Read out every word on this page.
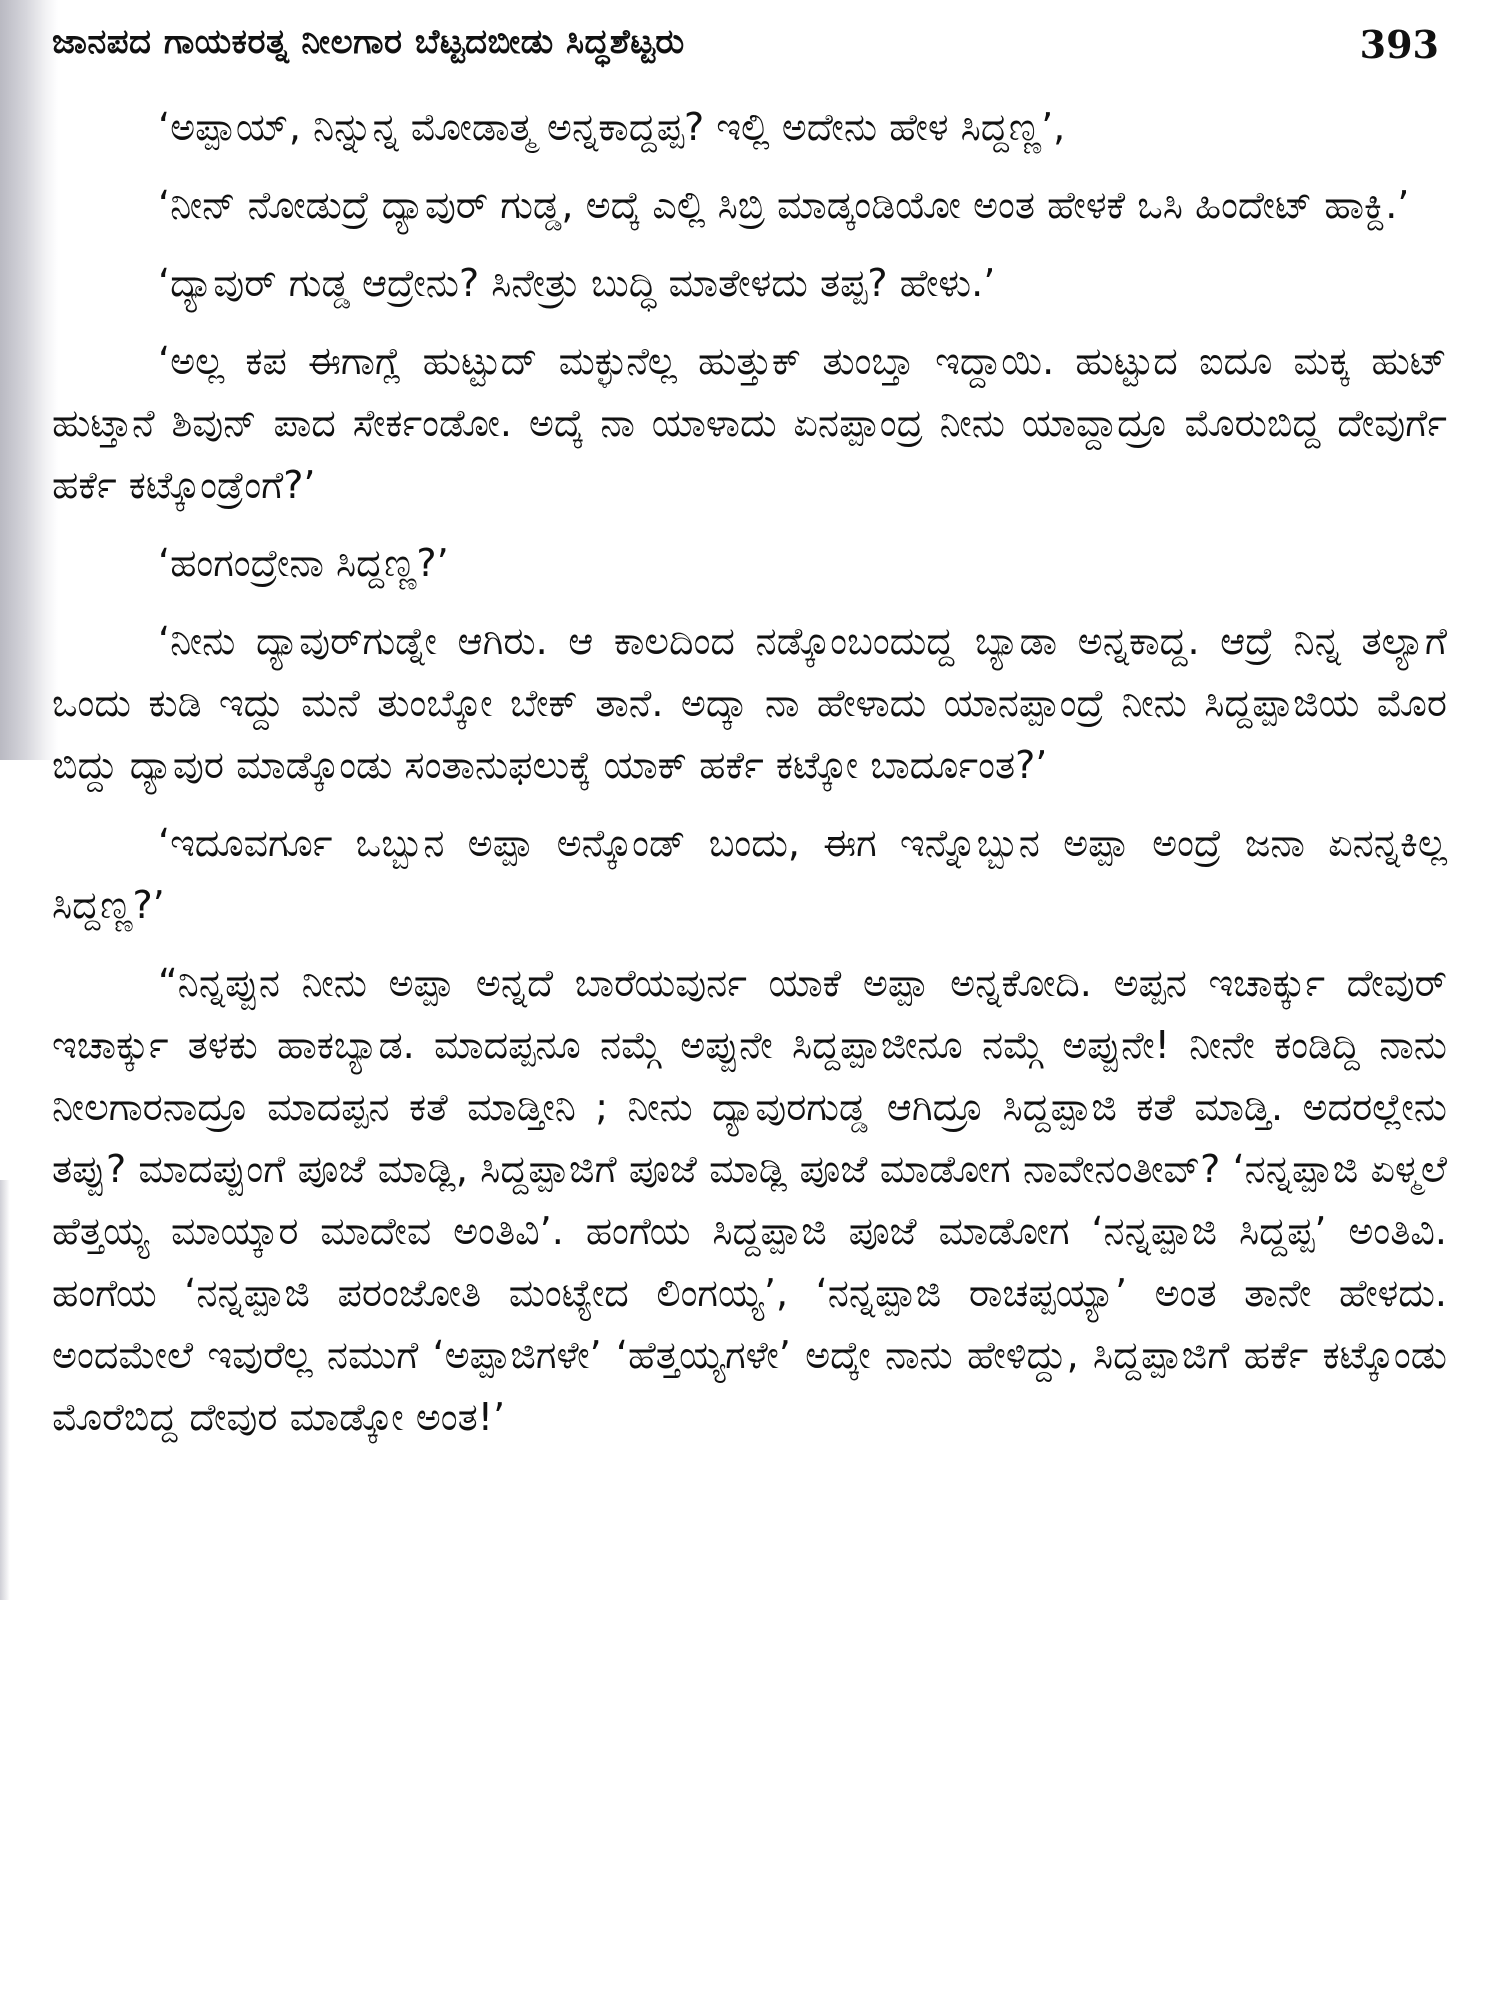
ಜಾನಪದ ಗಾಯಕರತ್ನ ನೀಲಗಾರ ಬೆಟ್ಟದಬೀಡು ಸಿದ್ಧಶೆಟ್ಟರು	393

‘ಅಪ್ಪಾಯ್, ನಿನ್ನುನ್ನ ಮೋಡಾತ್ಮ ಅನ್ನಕಾದ್ದಪ್ಪ? ಇಲ್ಲಿ ಅದೇನು ಹೇಳ ಸಿದ್ದಣ್ಣ’,

‘ನೀನ್ ನೋಡುದ್ರೆ ದ್ಯಾವುರ್ ಗುಡ್ಡ, ಅದ್ಕೆ ಎಲ್ಲಿ ಸಿಬ್ರಿ ಮಾಡ್ಕಂಡಿಯೋ ಅಂತ ಹೇಳಕೆ ಒಸಿ ಹಿಂದೇಟ್ ಹಾಕ್ದಿ.’

‘ದ್ಯಾವುರ್ ಗುಡ್ಡ ಆದ್ರೇನು? ಸಿನೇತ್ರು ಬುದ್ಧಿ ಮಾತೇಳದು ತಪ್ಪ? ಹೇಳು.’

‘ಅಲ್ಲ ಕಪ ಈಗಾಗ್ಲೆ ಹುಟ್ಟುದ್ ಮಕ್ಳುನೆಲ್ಲ ಹುತ್ತುಕ್ ತುಂಬ್ತಾ ಇದ್ದಾಯಿ. ಹುಟ್ಟುದ ಐದೂ ಮಕ್ಕ ಹುಟ್ ಹುಟ್ತಾನೆ ಶಿವುನ್ ಪಾದ ಸೇರ್ಕಂಡೋ. ಅದ್ಕೆ ನಾ ಯಾಳಾದು ಏನಪ್ಪಾಂದ್ರ ನೀನು ಯಾವ್ದಾದ್ರೂ ಮೊರುಬಿದ್ದ ದೇವುರ್ಗೆ ಹರ್ಕೆ ಕಟ್ಕೊಂಡ್ರೆಂಗೆ?’

‘ಹಂಗಂದ್ರೇನಾ ಸಿದ್ದಣ್ಣ?’

‘ನೀನು ದ್ಯಾವುರ್‌ಗುಡ್ನೇ ಆಗಿರು. ಆ ಕಾಲದಿಂದ ನಡ್ಕೊಂಬಂದುದ್ದ ಬ್ಯಾಡಾ ಅನ್ನಕಾದ್ದ. ಆದ್ರೆ ನಿನ್ನ ತಲ್ಯಾಗೆ ಒಂದು ಕುಡಿ ಇದ್ದು ಮನೆ ತುಂಬ್ಕೋ ಬೇಕ್ ತಾನೆ. ಅದ್ಕಾ ನಾ ಹೇಳಾದು ಯಾನಪ್ಪಾಂದ್ರೆ ನೀನು ಸಿದ್ದಪ್ಪಾಜಿಯ ಮೊರ ಬಿದ್ದು ದ್ಯಾವುರ ಮಾಡ್ಕೊಂಡು ಸಂತಾನುಫಲುಕ್ಕೆ ಯಾಕ್ ಹರ್ಕೆ ಕಟ್ಕೋ ಬಾರ್ದೂಂತ?’

‘ಇದೂವರ್ಗೂ ಒಬ್ಬುನ ಅಪ್ಪಾ ಅನ್ಕೊಂಡ್ ಬಂದು, ಈಗ ಇನ್ನೊಬ್ಬುನ ಅಪ್ಪಾ ಅಂದ್ರೆ ಜನಾ ಏನನ್ನಕಿಲ್ಲ ಸಿದ್ದಣ್ಣ?’

“ನಿನ್ನಪ್ಪುನ ನೀನು ಅಪ್ಪಾ ಅನ್ನದೆ ಬಾರೆಯವುರ್ನ ಯಾಕೆ ಅಪ್ಪಾ ಅನ್ನಕೋದಿ. ಅಪ್ಪನ ಇಚಾರ್ಕ್ಕು ದೇವುರ್ ಇಚಾರ್ಕ್ಕು ತಳಕು ಹಾಕಬ್ಯಾಡ. ಮಾದಪ್ಪನೂ ನಮ್ಗೆ ಅಪ್ಪುನೇ ಸಿದ್ದಪ್ಪಾಜೀನೂ ನಮ್ಗೆ ಅಪ್ಪುನೇ! ನೀನೇ ಕಂಡಿದ್ದಿ ನಾನು ನೀಲಗಾರನಾದ್ರೂ ಮಾದಪ್ಪನ ಕತೆ ಮಾಡ್ತೀನಿ ; ನೀನು ದ್ಯಾವುರಗುಡ್ಡ ಆಗಿದ್ರೂ ಸಿದ್ದಪ್ಪಾಜಿ ಕತೆ ಮಾಡ್ತಿ. ಅದರಲ್ಲೇನು ತಪ್ಪು? ಮಾದಪ್ಪುಂಗೆ ಪೂಜೆ ಮಾಡ್ಲಿ, ಸಿದ್ದಪ್ಪಾಜಿಗೆ ಪೂಜೆ ಮಾಡ್ಲಿ ಪೂಜೆ ಮಾಡೋಗ ನಾವೇನಂತೀವ್? ‘ನನ್ನಪ್ಪಾಜಿ ಏಳ್ಮಲೆ ಹೆತ್ತಯ್ಯ ಮಾಯ್ಕಾರ ಮಾದೇವ ಅಂತಿವಿ’. ಹಂಗೆಯ ಸಿದ್ದಪ್ಪಾಜಿ ಪೂಜೆ ಮಾಡೋಗ ‘ನನ್ನಪ್ಪಾಜಿ ಸಿದ್ದಪ್ಪ’ ಅಂತಿವಿ. ಹಂಗೆಯ ‘ನನ್ನಪ್ಪಾಜಿ ಪರಂಜೋತಿ ಮಂಟ್ಯೇದ ಲಿಂಗಯ್ಯ’, ‘ನನ್ನಪ್ಪಾಜಿ ರಾಚಪ್ಪಯ್ಯಾ’ ಅಂತ ತಾನೇ ಹೇಳದು. ಅಂದಮೇಲೆ ಇವುರೆಲ್ಲ ನಮುಗೆ ‘ಅಪ್ಪಾಜಿಗಳೇ’ ‘ಹೆತ್ತಯ್ಯಗಳೇ’ ಅದ್ಕೇ ನಾನು ಹೇಳಿದ್ದು, ಸಿದ್ದಪ್ಪಾಜಿಗೆ ಹರ್ಕೆ ಕಟ್ಕೊಂಡು ಮೊರೆಬಿದ್ದ ದೇವುರ ಮಾಡ್ಕೋ ಅಂತ!’
